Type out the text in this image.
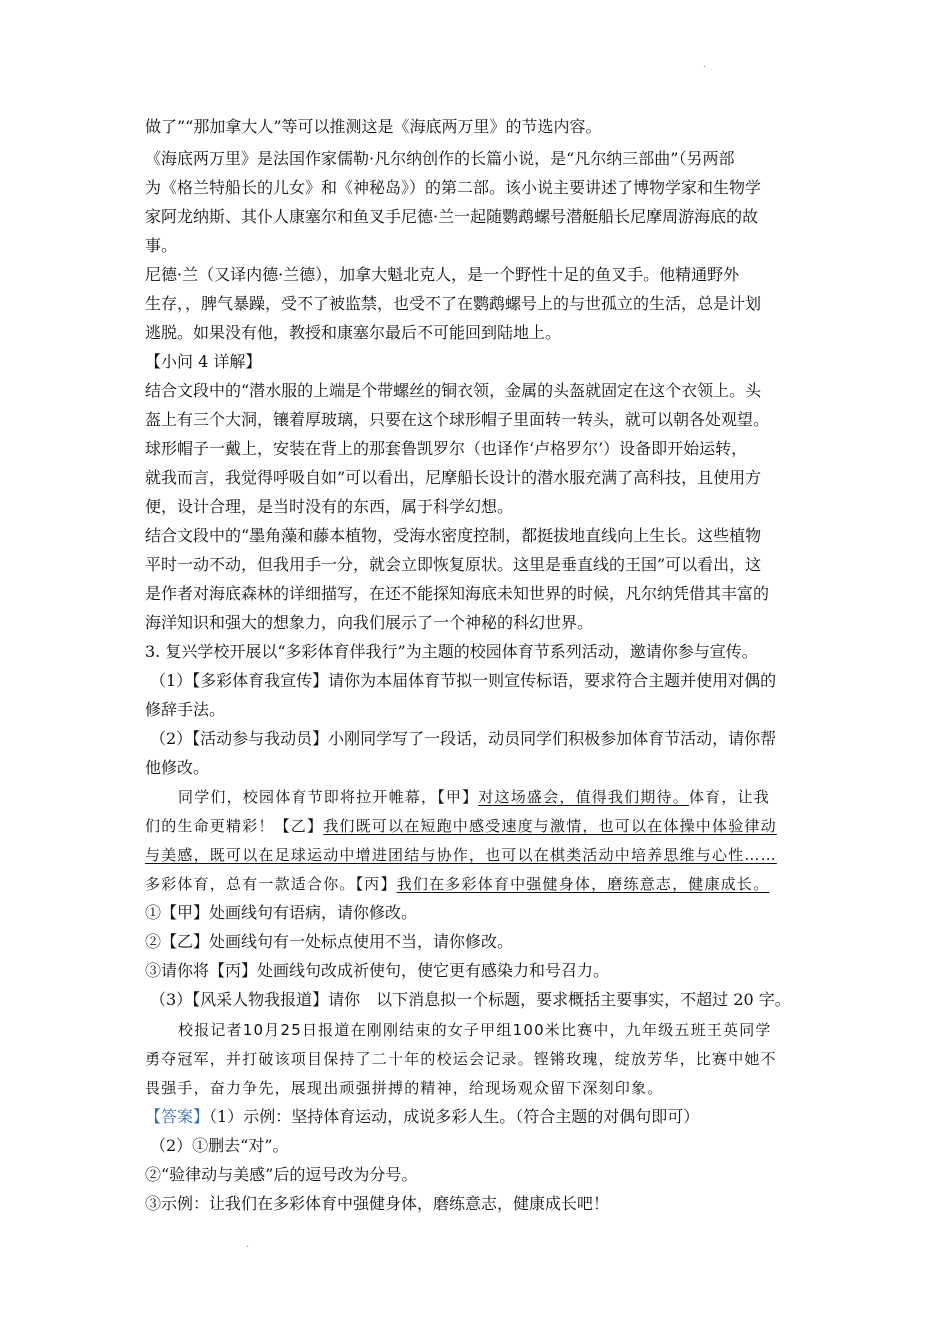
·
做了”“那加拿大人”等可以推测这是《海底两万里》的节选内容。
《海底两万里》是法国作家儒勒·凡尔纳创作的长篇小说，是“凡尔纳三部曲”（另两部
为《格兰特船长的儿女》和《神秘岛》）的第二部。该小说主要讲述了博物学家和生物学
家阿龙纳斯、其仆人康塞尔和鱼叉手尼德·兰一起随鹦鹉螺号潜艇船长尼摩周游海底的故
事。
尼德·兰（又译内德·兰德），加拿大魁北克人，是一个野性十足的鱼叉手。他精通野外
生存，，脾气暴躁，受不了被监禁，也受不了在鹦鹉螺号上的与世孤立的生活，总是计划
逃脱。如果没有他，教授和康塞尔最后不可能回到陆地上。
【小问 4 详解】
结合文段中的“潜水服的上端是个带螺丝的铜衣领，金属的头盔就固定在这个衣领上。头
盔上有三个大洞，镶着厚玻璃，只要在这个球形帽子里面转一转头，就可以朝各处观望。
球形帽子一戴上，安装在背上的那套鲁凯罗尔（也译作‘卢格罗尔’）设备即开始运转，
就我而言，我觉得呼吸自如”可以看出，尼摩船长设计的潜水服充满了高科技，且使用方
便，设计合理，是当时没有的东西，属于科学幻想。
结合文段中的“墨角藻和藤本植物，受海水密度控制，都挺拔地直线向上生长。这些植物
平时一动不动，但我用手一分，就会立即恢复原状。这里是垂直线的王国”可以看出，这
是作者对海底森林的详细描写，在还不能探知海底未知世界的时候，凡尔纳凭借其丰富的
海洋知识和强大的想象力，向我们展示了一个神秘的科幻世界。
3. 复兴学校开展以“多彩体育伴我行”为主题的校园体育节系列活动，邀请你参与宣传。
（1）【多彩体育我宣传】请你为本届体育节拟一则宣传标语，要求符合主题并使用对偶的
修辞手法。
（2）【活动参与我动员】小刚同学写了一段话，动员同学们积极参加体育节活动，请你帮
他修改。
同学们，校园体育节即将拉开帷幕，【甲】对这场盛会，值得我们期待。体育，让我
们的生命更精彩！【乙】我们既可以在短跑中感受速度与激情，也可以在体操中体验律动
与美感，既可以在足球运动中增进团结与协作，也可以在棋类活动中培养思维与心性……
多彩体育，总有一款适合你。【丙】我们在多彩体育中强健身体，磨练意志，健康成长。
①【甲】处画线句有语病，请你修改。
②【乙】处画线句有一处标点使用不当，请你修改。
③请你将【丙】处画线句改成祈使句，使它更有感染力和号召力。
（3）【风采人物我报道】请你　以下消息拟一个标题，要求概括主要事实，不超过 20 字。
校报记者10月25日报道在刚刚结束的女子甲组100米比赛中，九年级五班王英同学
勇夺冠军，并打破该项目保持了二十年的校运会记录。铿锵玫瑰，绽放芳华，比赛中她不
畏强手，奋力争先，展现出顽强拼搏的精神，给现场观众留下深刻印象。
【答案】（1）示例：坚持体育运动，成说多彩人生。（符合主题的对偶句即可）
（2）①删去“对”。
②“验律动与美感”后的逗号改为分号。
③示例：让我们在多彩体育中强健身体，磨练意志，健康成长吧！
·
